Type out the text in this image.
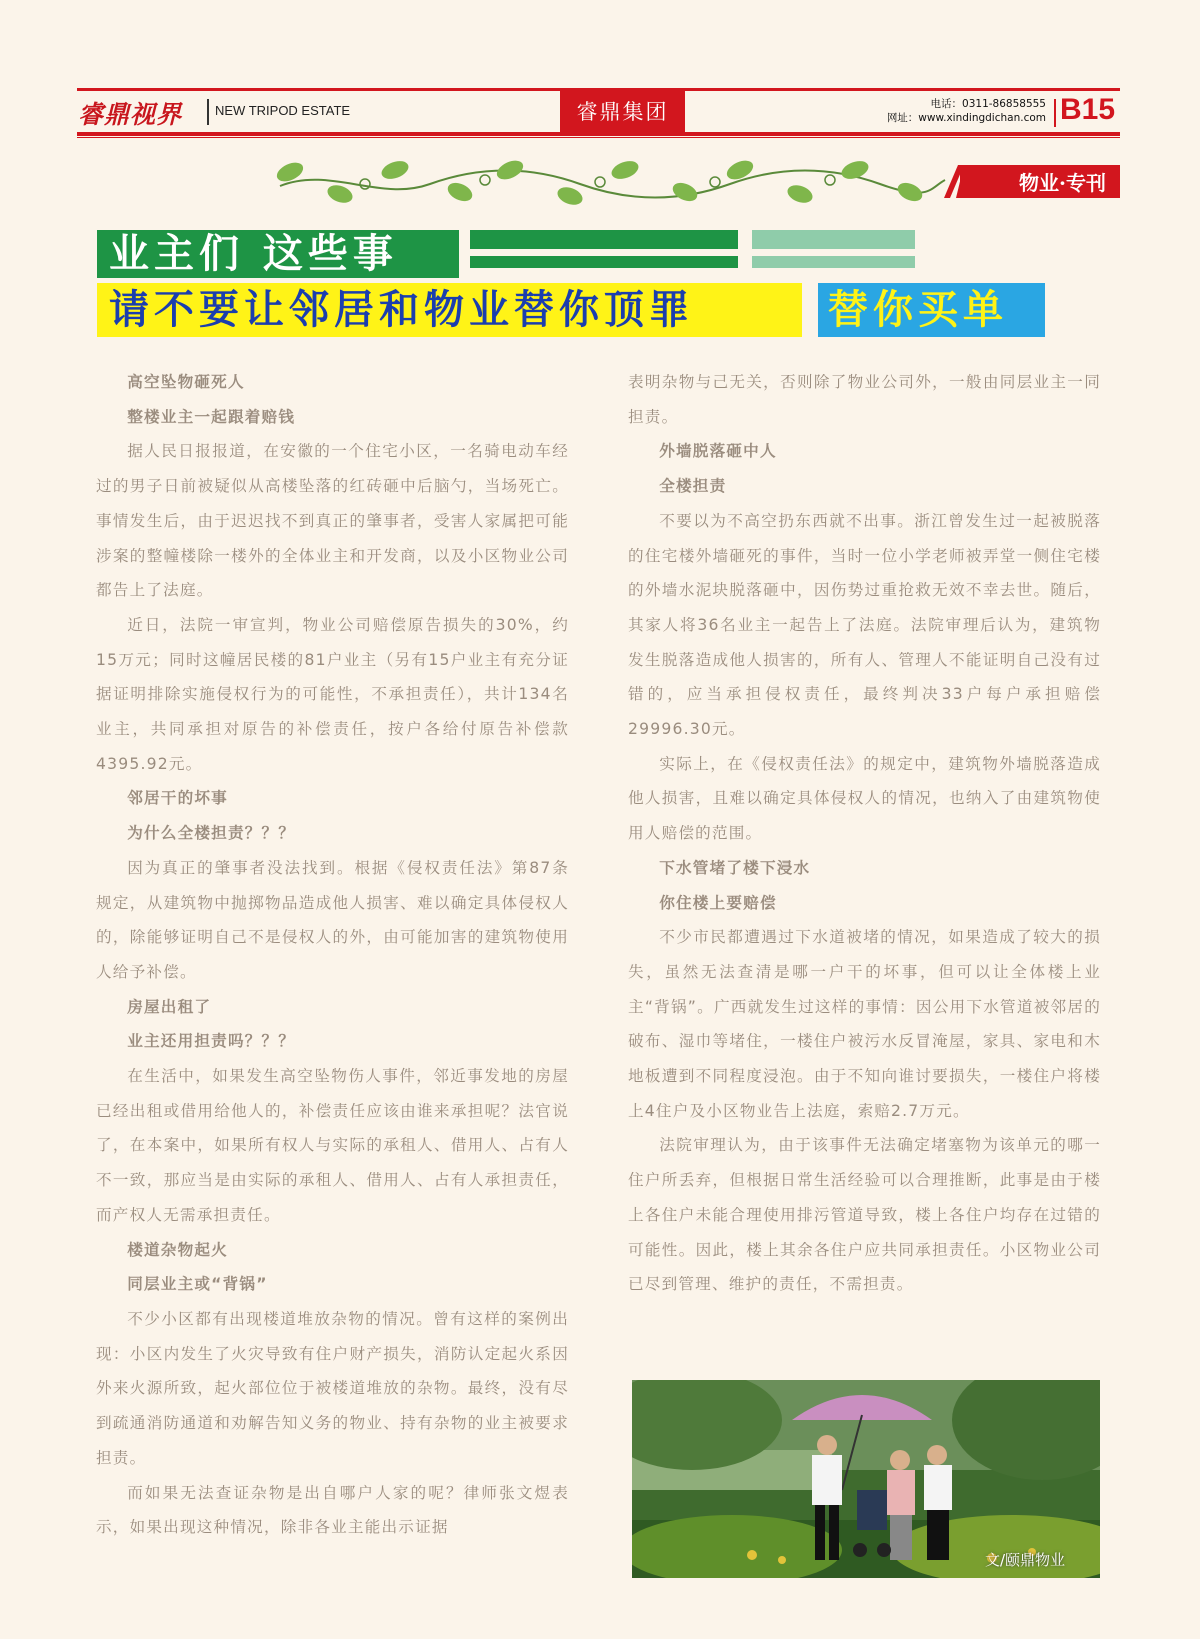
睿鼎视界	NEW TRIPOD ESTATE	睿鼎集团	电话：0311-86858555
网址：www.xindingdichan.com B15
物业·专刊
业主们 这些事
请不要让邻居和物业替你顶罪	替你买单
高空坠物砸死人
整楼业主一起跟着赔钱

据人民日报报道，在安徽的一个住宅小区，一名骑电动车经过的男子日前被疑似从高楼坠落的红砖砸中后脑勺，当场死亡。事情发生后，由于迟迟找不到真正的肇事者，受害人家属把可能涉案的整幢楼除一楼外的全体业主和开发商，以及小区物业公司都告上了法庭。

近日，法院一审宣判，物业公司赔偿原告损失的30%，约15万元；同时这幢居民楼的81户业主（另有15户业主有充分证据证明排除实施侵权行为的可能性，不承担责任），共计134名业主，共同承担对原告的补偿责任，按户各给付原告补偿款4395.92元。

邻居干的坏事
为什么全楼担责？？？

因为真正的肇事者没法找到。根据《侵权责任法》第87条规定，从建筑物中抛掷物品造成他人损害、难以确定具体侵权人的，除能够证明自己不是侵权人的外，由可能加害的建筑物使用人给予补偿。

房屋出租了
业主还用担责吗？？？

在生活中，如果发生高空坠物伤人事件，邻近事发地的房屋已经出租或借用给他人的，补偿责任应该由谁来承担呢？法官说了，在本案中，如果所有权人与实际的承租人、借用人、占有人不一致，那应当是由实际的承租人、借用人、占有人承担责任，而产权人无需承担责任。

楼道杂物起火
同层业主或“背锅”

不少小区都有出现楼道堆放杂物的情况。曾有这样的案例出现：小区内发生了火灾导致有住户财产损失，消防认定起火系因外来火源所致，起火部位位于被楼道堆放的杂物。最终，没有尽到疏通消防通道和劝解告知义务的物业、持有杂物的业主被要求担责。

而如果无法查证杂物是出自哪户人家的呢？律师张文煜表示，如果出现这种情况，除非各业主能出示证据

表明杂物与己无关，否则除了物业公司外，一般由同层业主一同担责。

外墙脱落砸中人
全楼担责

不要以为不高空扔东西就不出事。浙江曾发生过一起被脱落的住宅楼外墙砸死的事件，当时一位小学老师被弄堂一侧住宅楼的外墙水泥块脱落砸中，因伤势过重抢救无效不幸去世。随后，其家人将36名业主一起告上了法庭。法院审理后认为，建筑物发生脱落造成他人损害的，所有人、管理人不能证明自己没有过错的，应当承担侵权责任，最终判决33户每户承担赔偿29996.30元。

实际上，在《侵权责任法》的规定中，建筑物外墙脱落造成他人损害，且难以确定具体侵权人的情况，也纳入了由建筑物使用人赔偿的范围。

下水管堵了楼下浸水
你住楼上要赔偿

不少市民都遭遇过下水道被堵的情况，如果造成了较大的损失，虽然无法查清是哪一户干的坏事，但可以让全体楼上业主“背锅”。广西就发生过这样的事情：因公用下水管道被邻居的破布、湿巾等堵住，一楼住户被污水反冒淹屋，家具、家电和木地板遭到不同程度浸泡。由于不知向谁讨要损失，一楼住户将楼上4住户及小区物业告上法庭，索赔2.7万元。

法院审理认为，由于该事件无法确定堵塞物为该单元的哪一住户所丢弃，但根据日常生活经验可以合理推断，此事是由于楼上各住户未能合理使用排污管道导致，楼上各住户均存在过错的可能性。因此，楼上其余各住户应共同承担责任。小区物业公司已尽到管理、维护的责任，不需担责。

文/颐鼎物业
